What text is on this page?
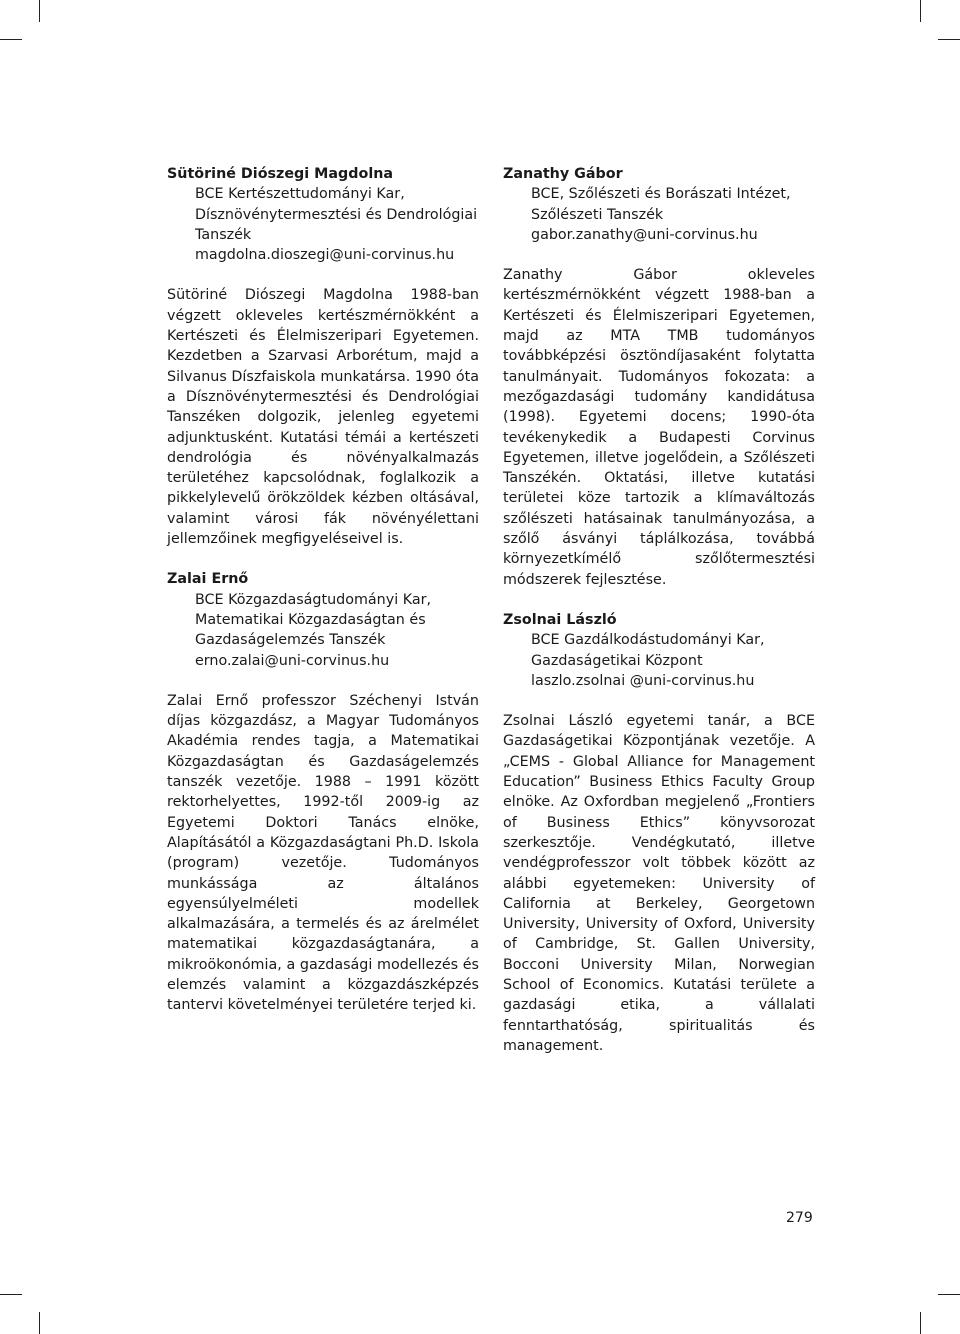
Sütöriné Diószegi Magdolna

BCE Kertészettudományi Kar,
Dísznövénytermesztési és Dendrológiai
Tanszék
magdolna.dioszegi@uni-corvinus.hu

Sütöriné Diószegi Magdolna 1988-ban végzett okleveles kertészmérnökként a Kertészeti és Élelmiszeripari Egyetemen. Kezdetben a Szarvasi Arborétum, majd a Silvanus Díszfaiskola munkatársa. 1990 óta a Dísznövénytermesztési és Dendrológiai Tanszéken dolgozik, jelenleg egyetemi adjunktusként. Kutatási témái a kertészeti dendrológia és növényalkalmazás területéhez kapcsolódnak, foglalkozik a pikkelylevelű örökzöldek kézben oltásával, valamint városi fák növényélettani jellemzőinek megfigyeléseivel is.

Zalai Ernő

BCE Közgazdaságtudományi Kar,
Matematikai Közgazdaságtan és
Gazdaságelemzés Tanszék
erno.zalai@uni-corvinus.hu

Zalai Ernő professzor Széchenyi István díjas közgazdász, a Magyar Tudományos Akadémia rendes tagja, a Matematikai Közgazdaságtan és Gazdaságelemzés tanszék vezetője. 1988 – 1991 között rektorhelyettes, 1992-től 2009-ig az Egyetemi Doktori Tanács elnöke, Alapításától a Közgazdaságtani Ph.D. Iskola (program) vezetője. Tudományos munkássága az általános egyensúlyelméleti modellek alkalmazására, a termelés és az árelmélet matematikai közgazdaságtanára, a mikroökonómia, a gazdasági modellezés és elemzés valamint a közgazdászképzés tantervi követelményei területére terjed ki.

Zanathy Gábor

BCE, Szőlészeti és Borászati Intézet,
Szőlészeti Tanszék
gabor.zanathy@uni-corvinus.hu

Zanathy Gábor okleveles kertészmérnökként végzett 1988-ban a Kertészeti és Élelmiszeripari Egyetemen, majd az MTA TMB tudományos továbbképzési ösztöndíjasaként folytatta tanulmányait. Tudományos fokozata: a mezőgazdasági tudomány kandidátusa (1998). Egyetemi docens; 1990-óta tevékenykedik a Budapesti Corvinus Egyetemen, illetve jogelődein, a Szőlészeti Tanszékén. Oktatási, illetve kutatási területei köze tartozik a klímaváltozás szőlészeti hatásainak tanulmányozása, a szőlő ásványi táplálkozása, továbbá környezetkímélő szőlőtermesztési módszerek fejlesztése.

Zsolnai László

BCE Gazdálkodástudományi Kar,
Gazdaságetikai Központ
laszlo.zsolnai @uni-corvinus.hu

Zsolnai László egyetemi tanár, a BCE Gazdaságetikai Központjának vezetője. A „CEMS - Global Alliance for Management Education” Business Ethics Faculty Group elnöke. Az Oxfordban megjelenő „Frontiers of Business Ethics” könyvsorozat szerkesztője. Vendégkutató, illetve vendégprofesszor volt többek között az alábbi egyetemeken: University of California at Berkeley, Georgetown University, University of Oxford, University of Cambridge, St. Gallen University, Bocconi University Milan, Norwegian School of Economics. Kutatási területe a gazdasági etika, a vállalati fenntarthatóság, spiritualitás és management.

279
